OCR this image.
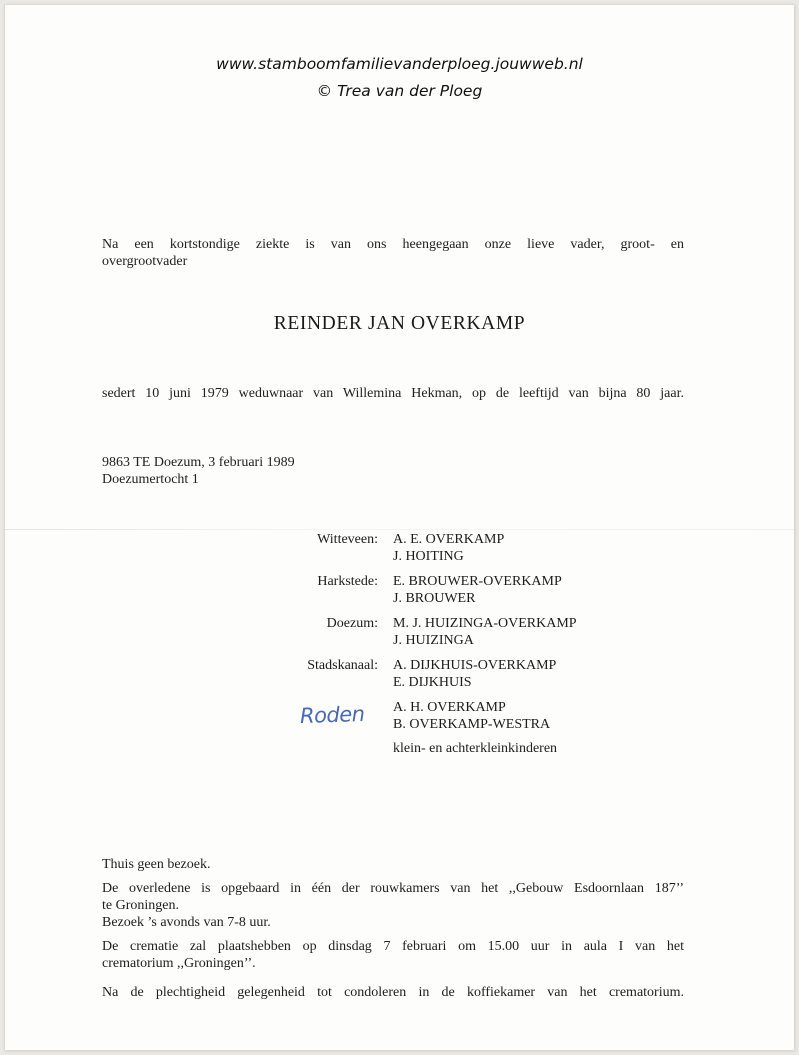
www.stamboomfamilievanderploeg.jouwweb.nl
© Trea van der Ploeg
Na een kortstondige ziekte is van ons heengegaan onze lieve vader, groot- en
overgrootvader
REINDER JAN OVERKAMP
sedert 10 juni 1979 weduwnaar van Willemina Hekman, op de leeftijd van bijna 80 jaar.
9863 TE Doezum, 3 februari 1989
Doezumertocht 1
Witteveen: A. E. OVERKAMP
J. HOITING
Harkstede: E. BROUWER-OVERKAMP
J. BROUWER
Doezum: M. J. HUIZINGA-OVERKAMP
J. HUIZINGA
Stadskanaal: A. DIJKHUIS-OVERKAMP
E. DIJKHUIS
Roden A. H. OVERKAMP
B. OVERKAMP-WESTRA
klein- en achterkleinkinderen
Thuis geen bezoek.
De overledene is opgebaard in één der rouwkamers van het ,,Gebouw Esdoornlaan 187’’
te Groningen.
Bezoek ’s avonds van 7-8 uur.
De crematie zal plaatshebben op dinsdag 7 februari om 15.00 uur in aula I van het
crematorium ,,Groningen’’.
Na de plechtigheid gelegenheid tot condoleren in de koffiekamer van het crematorium.
